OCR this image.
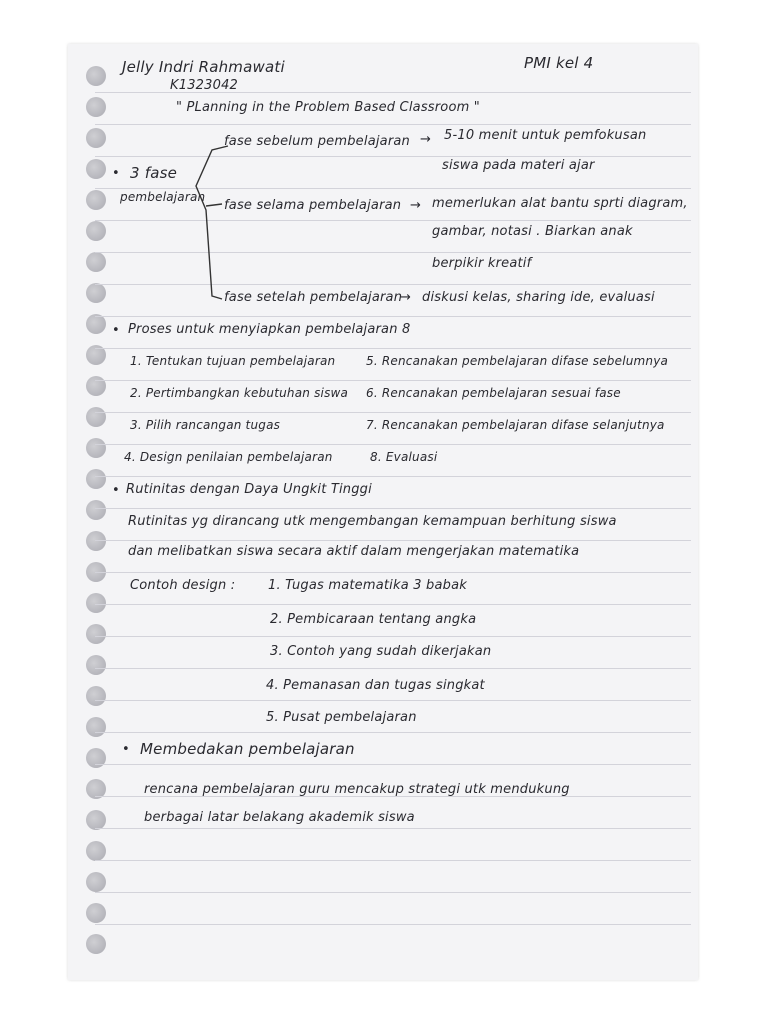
Jelly Indri Rahmawati
K1323042
PMI kel 4
" PLanning in the Problem Based Classroom "
• 3 fase
pembelajaran
fase sebelum pembelajaran → 5-10 menit untuk pemfokusan
siswa pada materi ajar
fase selama pembelajaran → memerlukan alat bantu sprti diagram,
gambar, notasi . Biarkan anak
berpikir kreatif
fase setelah pembelajaran
→ diskusi kelas, sharing ide, evaluasi
• Proses untuk menyiapkan pembelajaran 8
1. Tentukan tujuan pembelajaran
2. Pertimbangkan kebutuhan siswa
3. Pilih rancangan tugas
4. Design penilaian pembelajaran
5. Rencanakan pembelajaran difase sebelumnya
6. Rencanakan pembelajaran sesuai fase
7. Rencanakan pembelajaran difase selanjutnya
8. Evaluasi
• Rutinitas dengan Daya Ungkit Tinggi
Rutinitas yg dirancang utk mengembangan kemampuan berhitung siswa
dan melibatkan siswa secara aktif dalam mengerjakan matematika
Contoh design :	1. Tugas matematika 3 babak
2. Pembicaraan tentang angka
3. Contoh yang sudah dikerjakan
4. Pemanasan dan tugas singkat
5. Pusat pembelajaran
• Membedakan pembelajaran
rencana pembelajaran guru mencakup strategi utk mendukung
berbagai latar belakang akademik siswa
